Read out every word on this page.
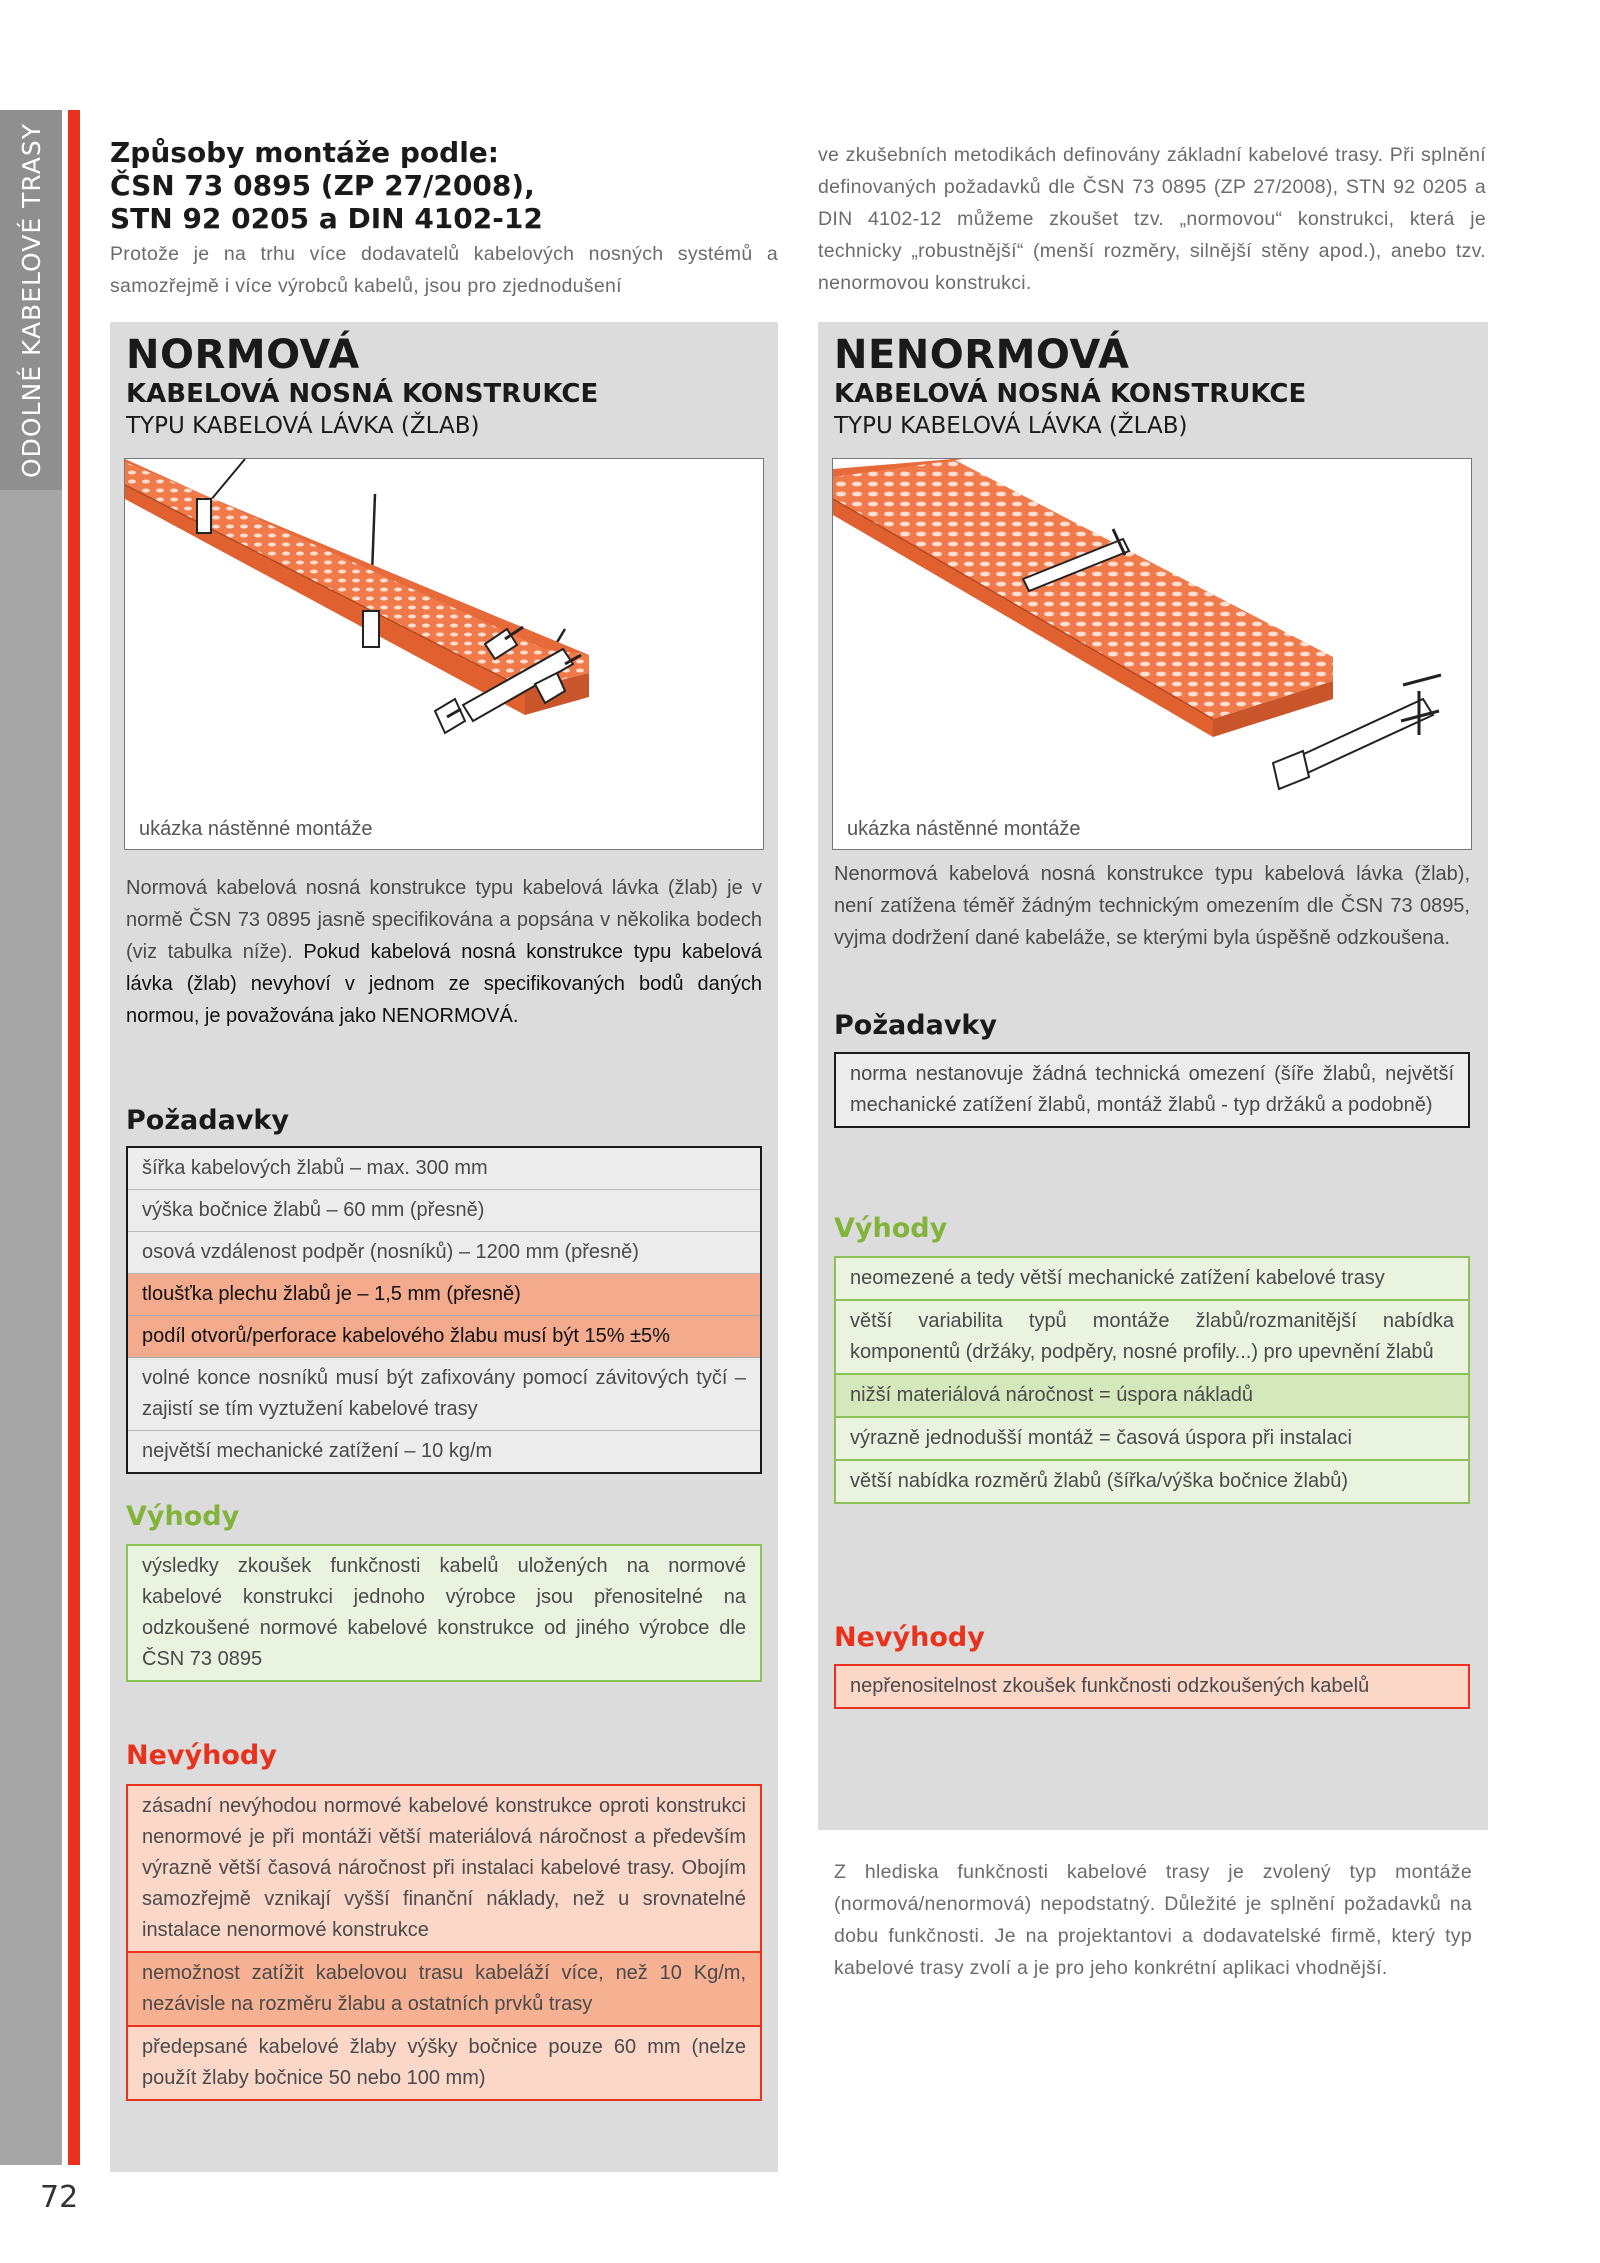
ODOLNÉ KABELOVÉ TRASY
72
Způsoby montáže podle:
ČSN 73 0895 (ZP 27/2008),
STN 92 0205 a DIN 4102-12

Protože je na trhu více dodavatelů kabelových nosných systémů a samozřejmě i více výrobců kabelů, jsou pro zjednodušení

ve zkušebních metodikách definovány základní kabelové trasy. Při splnění definovaných požadavků dle ČSN 73 0895 (ZP 27/2008), STN 92 0205 a DIN 4102-12 můžeme zkoušet tzv. „normovou“ konstrukci, která je technicky „robustnější“ (menší rozměry, silnější stěny apod.), anebo tzv. nenormovou konstrukci.

NORMOVÁ
KABELOVÁ NOSNÁ KONSTRUKCE
TYPU KABELOVÁ LÁVKA (ŽLAB)
ukázka nástěnné montáže

Normová kabelová nosná konstrukce typu kabelová lávka (žlab) je v normě ČSN 73 0895 jasně specifikována a popsána v několika bodech (viz tabulka níže). Pokud kabelová nosná konstrukce typu kabelová lávka (žlab) nevyhoví v jednom ze specifikovaných bodů daných normou, je považována jako NENORMOVÁ.

Požadavky
šířka kabelových žlabů – max. 300 mm
výška bočnice žlabů – 60 mm (přesně)
osová vzdálenost podpěr (nosníků) – 1200 mm (přesně)
tloušťka plechu žlabů je – 1,5 mm (přesně)
podíl otvorů/perforace kabelového žlabu musí být 15% ±5%
volné konce nosníků musí být zafixovány pomocí závitových tyčí – zajistí se tím vyztužení kabelové trasy
největší mechanické zatížení – 10 kg/m
Výhody
výsledky zkoušek funkčnosti kabelů uložených na normové kabelové konstrukci jednoho výrobce jsou přenositelné na odzkoušené normové kabelové konstrukce od jiného výrobce dle ČSN 73 0895
Nevýhody
zásadní nevýhodou normové kabelové konstrukce oproti konstrukci nenormové je při montáži větší materiálová náročnost a především výrazně větší časová náročnost při instalaci kabelové trasy. Obojím samozřejmě vznikají vyšší finanční náklady, než u srovnatelné instalace nenormové konstrukce
nemožnost zatížit kabelovou trasu kabeláží více, než 10 Kg/m, nezávisle na rozměru žlabu a ostatních prvků trasy
předepsané kabelové žlaby výšky bočnice pouze 60 mm (nelze použít žlaby bočnice 50 nebo 100 mm)
NENORMOVÁ
KABELOVÁ NOSNÁ KONSTRUKCE
TYPU KABELOVÁ LÁVKA (ŽLAB)
ukázka nástěnné montáže

Nenormová kabelová nosná konstrukce typu kabelová lávka (žlab), není zatížena téměř žádným technickým omezením dle ČSN 73 0895, vyjma dodržení dané kabeláže, se kterými byla úspěšně odzkoušena.

Požadavky
norma nestanovuje žádná technická omezení (šíře žlabů, největší mechanické zatížení žlabů, montáž žlabů - typ držáků a podobně)
Výhody
neomezené a tedy větší mechanické zatížení kabelové trasy
větší variabilita typů montáže žlabů/rozmanitější nabídka komponentů (držáky, podpěry, nosné profily...) pro upevnění žlabů
nižší materiálová náročnost = úspora nákladů
výrazně jednodušší montáž = časová úspora při instalaci
větší nabídka rozměrů žlabů (šířka/výška bočnice žlabů)
Nevýhody
nepřenositelnost zkoušek funkčnosti odzkoušených kabelů

Z hlediska funkčnosti kabelové trasy je zvolený typ montáže (normová/nenormová) nepodstatný. Důležité je splnění požadavků na dobu funkčnosti. Je na projektantovi a dodavatelské firmě, který typ kabelové trasy zvolí a je pro jeho konkrétní aplikaci vhodnější.
